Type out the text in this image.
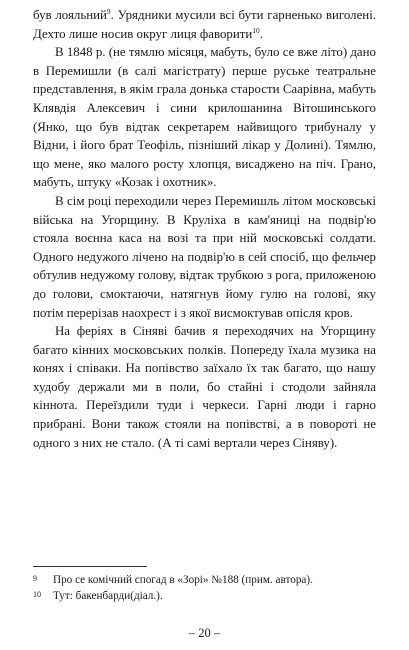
був лояльний$^9$. Урядники мусили всі бути гарненько виголені. Дехто лише носив округ лиця фаворити$^{10}$.

В 1848 р. (не тямлю місяця, мабуть, було се вже літо) дано в Перемишли (в салі магістрату) перше руське театральне представлення, в якім грала донька старости Саарівна, мабуть Клявдія Алексевич і сини крилошанина Вітошинського (Янко, що був відтак секретарем найвищого трибуналу у Відни, і його брат Теофіль, пізніший лікар у Долині). Тямлю, що мене, яко малого росту хлопця, висаджено на піч. Грано, мабуть, штуку «Козак і охотник».

В сім році переходили через Перемишль літом московські війська на Угорщину. В Круліха в кам'яниці на подвір'ю стояла воєнна каса на возі та при ній московські солдати. Одного недужого лічено на подвір'ю в сей спосіб, що фельчер обтулив недужому голову, відтак трубкою з рога, приложеною до голови, смоктаючи, натягнув йому гулю на голові, яку потім перерізав наохрест і з якої висмоктував опісля кров.

На феріях в Сіняві бачив я переходячих на Угорщину багато кінних московських полків. Попереду їхала музика на конях і співаки. На попівство заїхало їх так багато, що нашу худобу держали ми в поли, бо стайні і стодоли зайняла кіннота. Переїздили туди і черкеси. Гарні люди і гарно прибрані. Вони також стояли на попівстві, а в повороті не одного з них не стало. (А ті самі вертали через Сіняву).

9	Про се комічний спогад в «Зорі» №188 (прим. автора).
10	Тут: бакенбарди(діал.).
– 20 –
